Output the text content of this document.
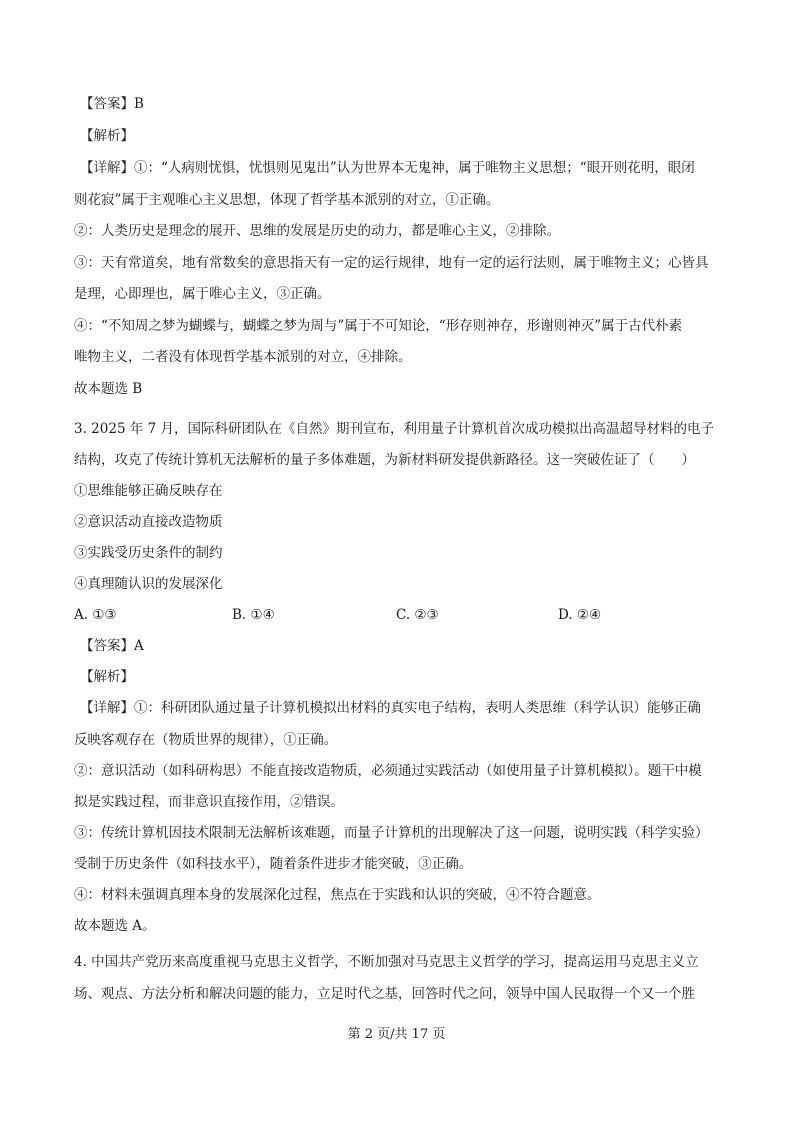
【答案】B
【解析】
【详解】①：“人病则忧惧，忧惧则见鬼出”认为世界本无鬼神，属于唯物主义思想；“眼开则花明，眼闭
则花寂”属于主观唯心主义思想，体现了哲学基本派别的对立，①正确。
②：人类历史是理念的展开、思维的发展是历史的动力，都是唯心主义，②排除。
③：天有常道矣，地有常数矣的意思指天有一定的运行规律，地有一定的运行法则，属于唯物主义；心皆具
是理，心即理也，属于唯心主义，③正确。
④：“不知周之梦为蝴蝶与，蝴蝶之梦为周与”属于不可知论，“形存则神存，形谢则神灭”属于古代朴素
唯物主义，二者没有体现哲学基本派别的对立，④排除。
故本题选 B
3. 2025 年 7 月，国际科研团队在《自然》期刊宣布，利用量子计算机首次成功模拟出高温超导材料的电子
结构，攻克了传统计算机无法解析的量子多体难题，为新材料研发提供新路径。这一突破佐证了（　　）
①思维能够正确反映存在
②意识活动直接改造物质
③实践受历史条件的制约
④真理随认识的发展深化
A. ①③	B. ①④	C. ②③	D. ②④
【答案】A
【解析】
【详解】①：科研团队通过量子计算机模拟出材料的真实电子结构，表明人类思维（科学认识）能够正确
反映客观存在（物质世界的规律），①正确。
②：意识活动（如科研构思）不能直接改造物质，必须通过实践活动（如使用量子计算机模拟）。题干中模
拟是实践过程，而非意识直接作用，②错误。
③：传统计算机因技术限制无法解析该难题，而量子计算机的出现解决了这一问题，说明实践（科学实验）
受制于历史条件（如科技水平），随着条件进步才能突破，③正确。
④：材料未强调真理本身的发展深化过程，焦点在于实践和认识的突破，④不符合题意。
故本题选 A。
4. 中国共产党历来高度重视马克思主义哲学，不断加强对马克思主义哲学的学习，提高运用马克思主义立
场、观点、方法分析和解决问题的能力，立足时代之基，回答时代之问，领导中国人民取得一个又一个胜
第 2 页/共 17 页
